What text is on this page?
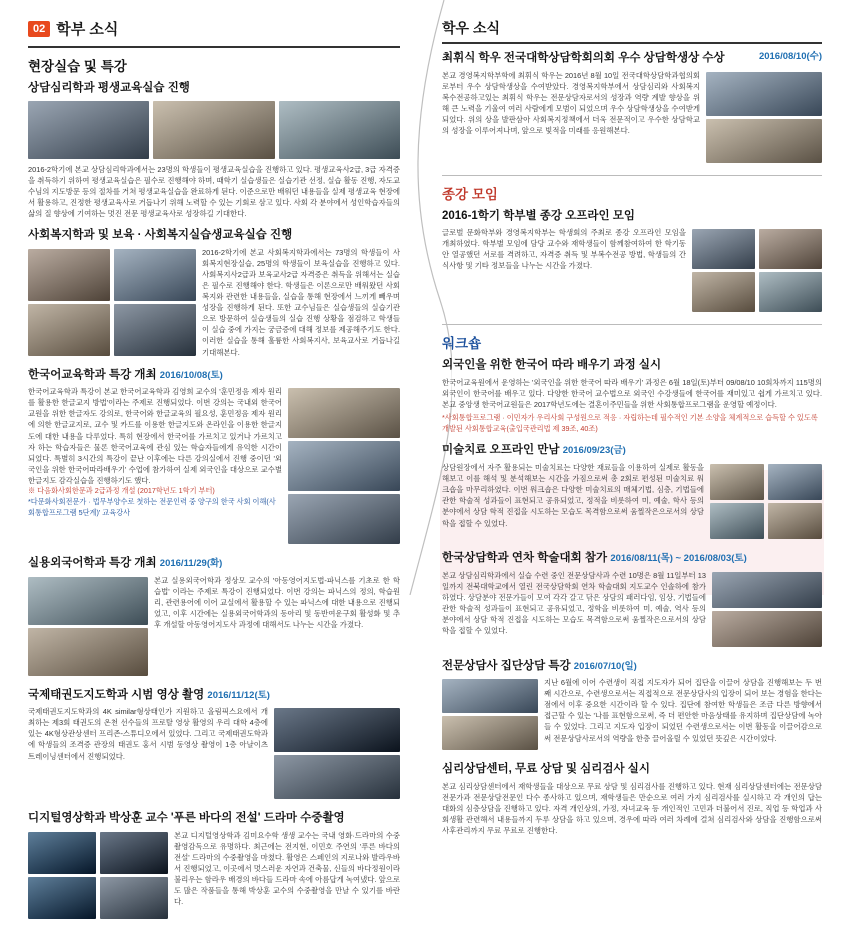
02 학부 소식
현장실습 및 특강
상담심리학과 평생교육실습 진행
2016-2학기에 본교 상담심리학과에서는 23명의 학생들이 평생교육실습을 진행하고 있다. 평생교육사2급, 3급 자격증을 취득하기 위하여 평생교육실습은 필수로 진행해야 하며, 때학기 실습생들은 실습기관 선정, 실습 활동 진행, 자도교수님의 지도방문 등의 절차를 거쳐 평생교육실습을 완료하게 된다. 이준으로만 배워던 내용들을 실제 평생교육 현장에서 활용하고, 진정한 평생교육사로 거듭나기 위해 노력할 수 있는 기회로 삼고 있다. 사회 각 분야에서 성인학습자들의 삶의 질 향상에 기여하는 멋진 전문 평생교육사로 성장하길 기대한다.
사회복지학과 및 보육 · 사회복지실습생교육실습 진행
2016-2학기에 본교 사회복지학과에서는 73명의 학생들이 사회복지현장실습, 25명의 학생들이 보육실습을 진행하고 있다. 사회복지사2급과 보육교사2급 자격증은 취득을 위해서는 실습은 필수로 진행해야 한다. 학생들은 이론으로만 배워왔던 사회복지와 관련한 내용들을, 실습을 통해 현장에서 느끼게 빼우며 성장을 진행하게 된다. 또한 교수님들은 실습생들의 실습기관으로 방문하여 실습생들의 실습 진행 상황을 점검하고 학생들이 실습 중에 가지는 궁금증에 대해 정보를 제공해주기도 한다. 이러한 실습을 통해 훌륭한 사회복지사, 보육교사로 거듭나길 기대해본다.
한국어교육학과 특강 개최 2016/10/08(토)
한국어교육학과 특강이 본교 한국어교육학과 김영희 교수의 '훈민정음 제자 원리를 활용한 한글교지 방법'이라는 주제로 진행되었다. 이번 강의는 국내외 한국어 교원을 위한 한글자도 강의로, 한국어와 한글교육의 필요성, 훈민정음 제자 원리에 의한 한글교지로, 교수 및 카드를 이용한 한글지도와 온라인을 이용한 한글지도에 대한 내용을 다루었다. 특히 현장에서 한국어를 가르치고 있거나 가르치고자 하는 학습자들은 물론 한국어교육에 관심 있는 학습자들에게 유익한 시간이 되었다. 특별히 3시간의 특강이 끝난 이후에는 다른 강의실에서 진행 중이던 '외국인을 위한 한국어따라배우기' 수업에 참가하여 실제 외국인을 대상으로 교수별 한글지도 감각실습을 진행하기도 했다.
※ 다음화사회한문과 2급과정 개설 (2017학년도 1학기 부터)
*다문화사회전문가 · 법무부양수로 첫하는 전문인력 중 양구의 한국 사회 이해(사회통합프로그램 5단계)' 교육강사
실용외국어학과 특강 개최 2016/11/29(화)
본교 실용외국어학과 정상모 교수의 '아동영어지도법-파닉스를 기초로 한 학습법' 이라는 주제로 특강이 진행되었다. 이번 강의는 파닉스의 정의, 학습원리, 관련용어에 이어 교실에서 활용할 수 있는 파닉스에 대한 내용으로 진행되었고, 이후 시간에는 실용외국어학과의 동아리 및 동반여운구회 활성화 및 추후 개설할 아동영어지도사 과정에 대해서도 나누는 시간을 가졌다.
국제태권도지도학과 시범 영상 촬영 2016/11/12(토)
국제태권도지도학과의 4K similar형상태인가 지원하고 올림픽스요에서 개최하는 제3회 태권도의 온천 선수들의 프로탈 영상 활영의 우리 대학 4층에 있는 4K형상관상센터 프리존-스튜디오에서 있었다. 그리고 국제태권도학과에 학생들의 조격증 관장의 태권도 홍서 시범 동영상 촬영이 1층 아날이츠 트레이닝센터에서 진행되었다.
디지털영상학과 박상훈 교수 '푸른 바다의 전설' 드라마 수중촬영
본교 디지털영상학과 김미요수학 생생 교수는 국내 영화·드라마의 수중촬영감독으로 유명하다. 최근에는 전지현, 이민호 주연의 '푸른 바다의 전설' 드라마의 수중촬영을 마쳤다. 활영은 스페인의 지로나와 발라우바서 진행되었고, 이곳에서 멋스러운 자연과 건축물, 신들의 바다정원이라 불리우는 함라우 배경의 바다들 드라마 속에 아름답게 녹여냈다. 앞으로도 많은 작품들을 통해 박상훈 교수의 수중촬영을 만날 수 있기를 바란다.
학우 소식
최휘식 학우 전국대학상담학회의회 우수 상담학생상 수상	2016/08/10(수)
본교 경영복지학부학에 최휘식 학우는 2016년 8월 10일 전국대학상담학과협의회로부터 우수 상담학생상을 수여받았다. 경영복지학부에서 상담심리와 사회복지 복수전공하고있는 최휘식 학우는 전문상담자로서의 성장과 역량 계발 향상을 위해 큰 노력을 기울여 여러 사람에게 모범이 되었으며 우수 상담학생상을 수여받게 되었다. 위의 상을 발판삼아 사회복지정책에서 더욱 전문적이고 우수한 상담학교의 성장을 이루어져나며, 앞으로 빛적을 미래를 응원해본다.
종강 모임
2016-1학기 학부별 종강 오프라인 모임
글로벌 문화학부와 경영복지학부는 학생회의 주최로 종강 오프라인 모임을 개최하였다. 학부별 모임에 담당 교수와 재학생들이 함께참여하여 한 학기동안 열공했던 서로를 격려하고, 자격증 취득 및 부복수전공 방법, 학생들의 간식사항 및 기타 정보들을 나누는 시간을 가졌다.
워크숍
외국인을 위한 한국어 따라 배우기 과정 실시
한국어교육원에서 운영하는 '외국인을 위한 한국어 따라 배우기' 과정은 6월 18일(토)부터 09/08/10 10회차까지 115명의 외국인이 한국어를 배우고 있다. 다양한 한국어 교수법으로 외국인 수강생들에 한국어를 재미있고 쉽게 가르치고 있다. 본교 중앙생 한국어교원들은 2017학년도에는 결혼이주민들을 위한 사회통합프로그램을 운영할 예정이다.
*사회통합프로그램 · 이민자가 우리사회 구성원으로 적응 · 자립하는데 필수적인 기본 소양을 체계적으로 습득할 수 있도록 개발된 사회통합교육(출입국관리법 제 39조, 40조)
미술치료 오프라인 만남 2016/09/23(금)
상담원장에서 자주 활용되는 미술치료는 다양한 재료들을 이용하여 실제로 활동을 해보고 이를 해석 및 분석해보는 시간을 가짐으로써 총 2회로 편성된 미술치료 워크숍을 마무리하였다. 이번 워크숍은 다양한 미술치료의 매체기법, 심층, 기법들에 관한 학술적 성과들이 표현되고 공유되었고, 정적을 비롯하여 미, 예술, 학사 등의 분야에서 상담 학적 진접을 시도하는 모습도 목격함으로써 움찔작은으로서의 상담학을 접할 수 있었다.
한국상담학과 연차 학술대회 참가 2016/08/11(목) ~ 2016/08/03(토)
본교 상담심리학과에서 실습 수련 중인 전문상담사과 수련 10명은 8월 11일부터 13일까지 전북대학교에서 열린 전국상담학회 연차 학술대회 지도교수 인솔하에 참가하였다. 상담분야 전문가들이 모여 각각 갈고 닦은 상담의 패러다임, 임상, 기법들에 관한 학술적 성과들이 표현되고 공유되었고, 정학을 비롯하여 미, 예술, 역사 등의 분야에서 상담 학적 진접을 시도하는 모습도 목격함으로써 움찔작은으로서의 상담학을 접할 수 있었다.
전문상담사 집단상담 특강 2016/07/10(일)
지난 6월에 이어 수련생이 직접 지도자가 되어 집단을 이끌어 상담을 진행해보는 두 번째 시간으로, 수련생으로서는 직접적으로 전문상담사의 입장이 되어 보는 경험을 한다는 점에서 이후 중요한 시간이라 할 수 있다. 집단에 참여한 학생들은 조금 다른 방향에서 접근할 수 있는 '나를 표현함으로써, 즉 더 편안한 마음상태를 유지하며 집단상담에 녹아들 수 있었다. 그리고 지도자 입장이 되었던 수련생으로서는 이번 활동을 이끌어감으로써 전문상담사로서의 역량을 한층 끌어올릴 수 있었던 뜻깊은 시간이었다.
심리상담센터, 무료 상담 및 심리검사 실시
본교 심리상담센터에서 재학생들을 대상으로 무료 상담 및 심리검사를 진행하고 있다. 현재 심리상담센터에는 전문상담전문가과 전문상담전문인 다수 종사하고 있으며, 재학생들은 만순으로 여러 가지 심리검사를 실시하고 각 개인의 답는 대화의 심층상담을 진행하고 있다. 자격 개인상의, 가정, 자녀교육 등 개인적인 고민과 더불어서 진로, 직업 등 학업과 사회생활 관련해서 내용들까지 두루 상담을 하고 있으며, 경우에 따라 여러 차례에 걸쳐 심리검사와 상담을 진행함으로써 사후관리까지 무료 무료로 진행한다.
